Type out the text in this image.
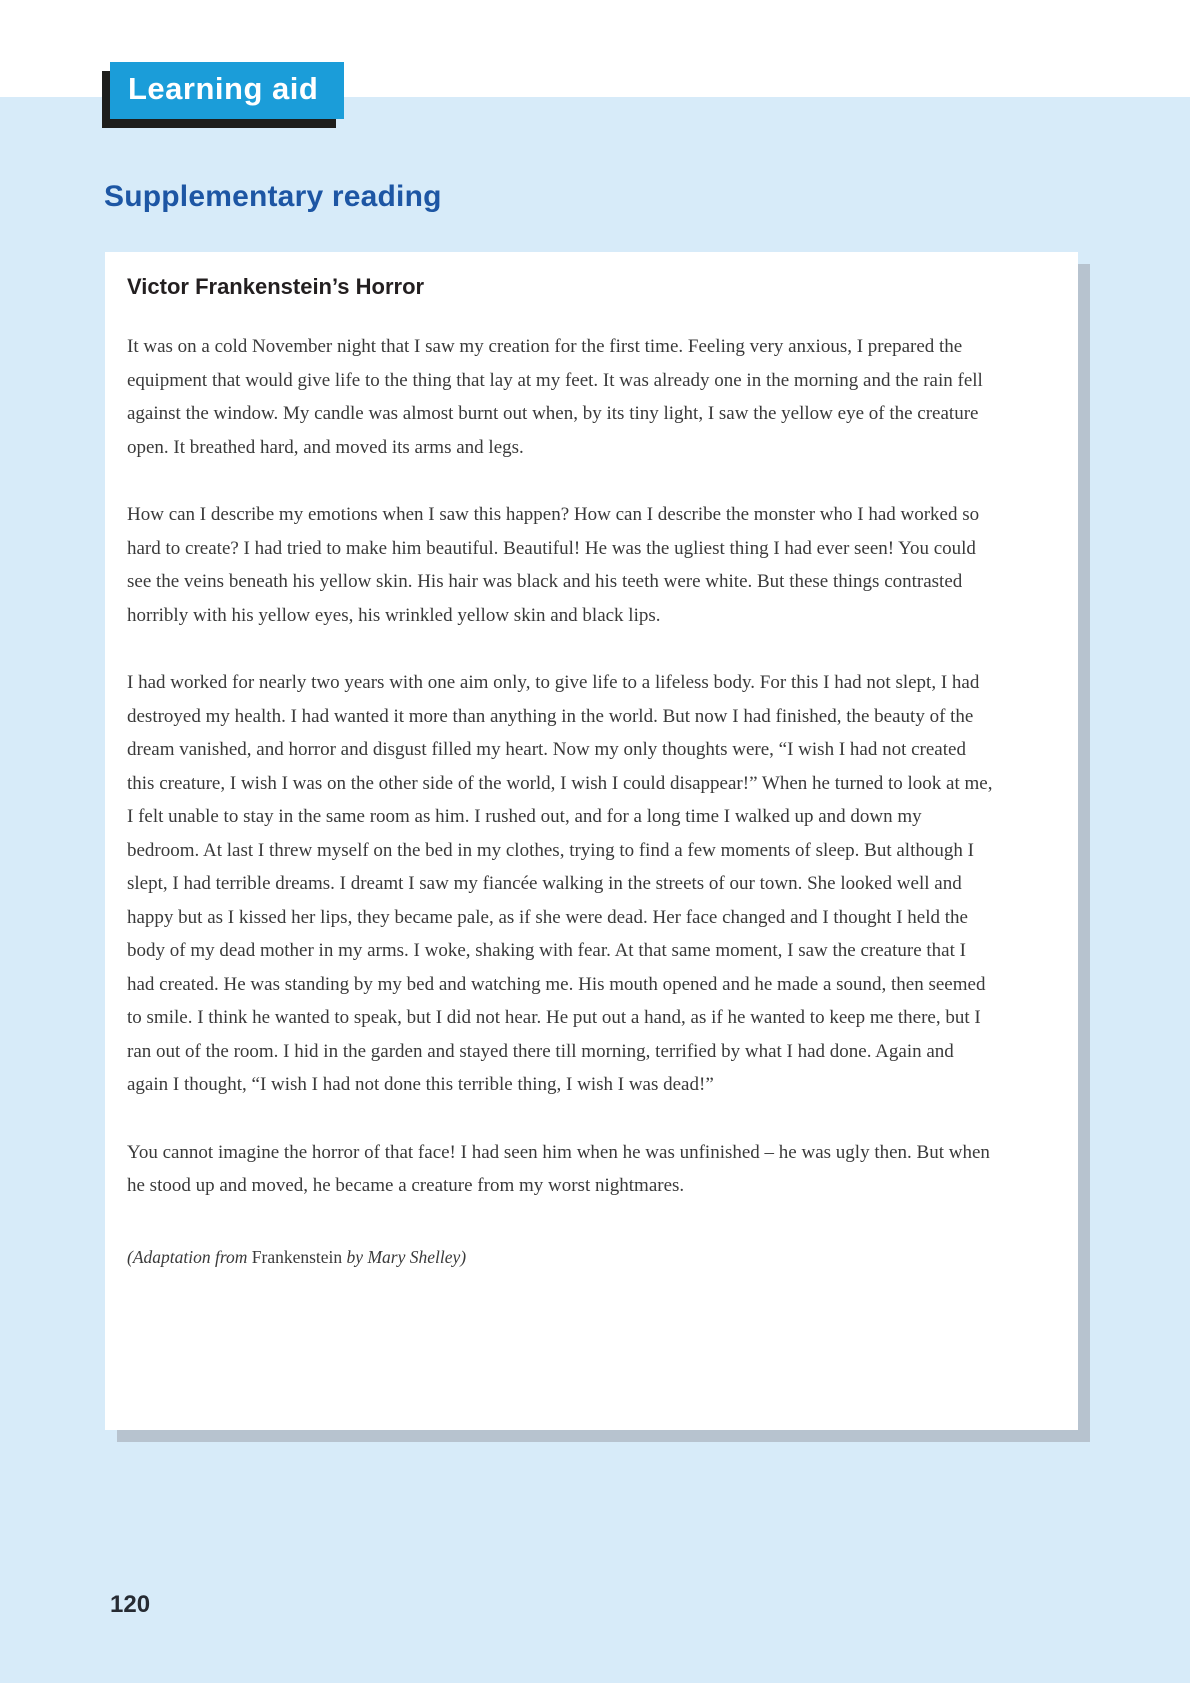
Learning aid
Supplementary reading
Victor Frankenstein’s Horror

It was on a cold November night that I saw my creation for the first time. Feeling very anxious, I prepared the equipment that would give life to the thing that lay at my feet. It was already one in the morning and the rain fell against the window. My candle was almost burnt out when, by its tiny light, I saw the yellow eye of the creature open. It breathed hard, and moved its arms and legs.

How can I describe my emotions when I saw this happen? How can I describe the monster who I had worked so hard to create? I had tried to make him beautiful. Beautiful! He was the ugliest thing I had ever seen! You could see the veins beneath his yellow skin. His hair was black and his teeth were white. But these things contrasted horribly with his yellow eyes, his wrinkled yellow skin and black lips.

I had worked for nearly two years with one aim only, to give life to a lifeless body. For this I had not slept, I had destroyed my health. I had wanted it more than anything in the world. But now I had finished, the beauty of the dream vanished, and horror and disgust filled my heart. Now my only thoughts were, “I wish I had not created this creature, I wish I was on the other side of the world, I wish I could disappear!” When he turned to look at me, I felt unable to stay in the same room as him. I rushed out, and for a long time I walked up and down my bedroom. At last I threw myself on the bed in my clothes, trying to find a few moments of sleep. But although I slept, I had terrible dreams. I dreamt I saw my fiancée walking in the streets of our town. She looked well and happy but as I kissed her lips, they became pale, as if she were dead. Her face changed and I thought I held the body of my dead mother in my arms. I woke, shaking with fear. At that same moment, I saw the creature that I had created. He was standing by my bed and watching me. His mouth opened and he made a sound, then seemed to smile. I think he wanted to speak, but I did not hear. He put out a hand, as if he wanted to keep me there, but I ran out of the room. I hid in the garden and stayed there till morning, terrified by what I had done. Again and again I thought, “I wish I had not done this terrible thing, I wish I was dead!”

You cannot imagine the horror of that face! I had seen him when he was unfinished – he was ugly then. But when he stood up and moved, he became a creature from my worst nightmares.

(Adaptation from Frankenstein by Mary Shelley)
120
